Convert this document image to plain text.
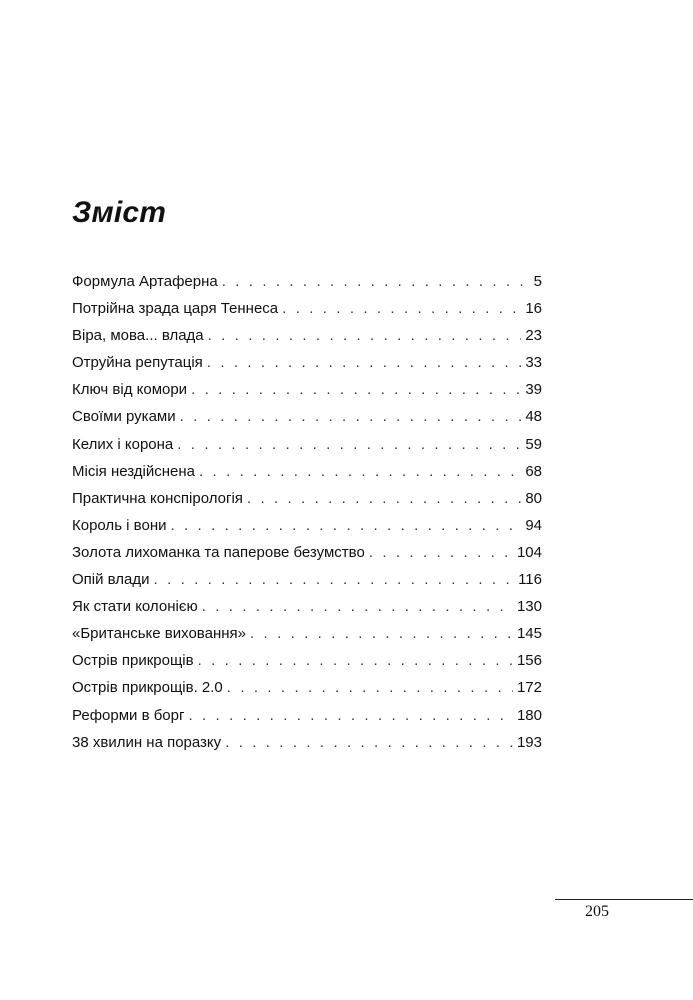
Зміст
Формула Артаферна . . .	5
Потрійна зрада царя Теннеса . . .	16
Віра, мова... влада . . .	23
Отруйна репутація . . .	33
Ключ від комори . . .	39
Своїми руками . . .	48
Келих і корона . . .	59
Місія нездійснена . . .	68
Практична конспірологія . . .	80
Король і вони . . .	94
Золота лихоманка та паперове безумство . . .	104
Опій влади . . .	116
Як стати колонією . . .	130
«Британське виховання» . . .	145
Острів прикрощів . . .	156
Острів прикрощів. 2.0 . . .	172
Реформи в борг . . .	180
38 хвилин на поразку . . .	193
205
